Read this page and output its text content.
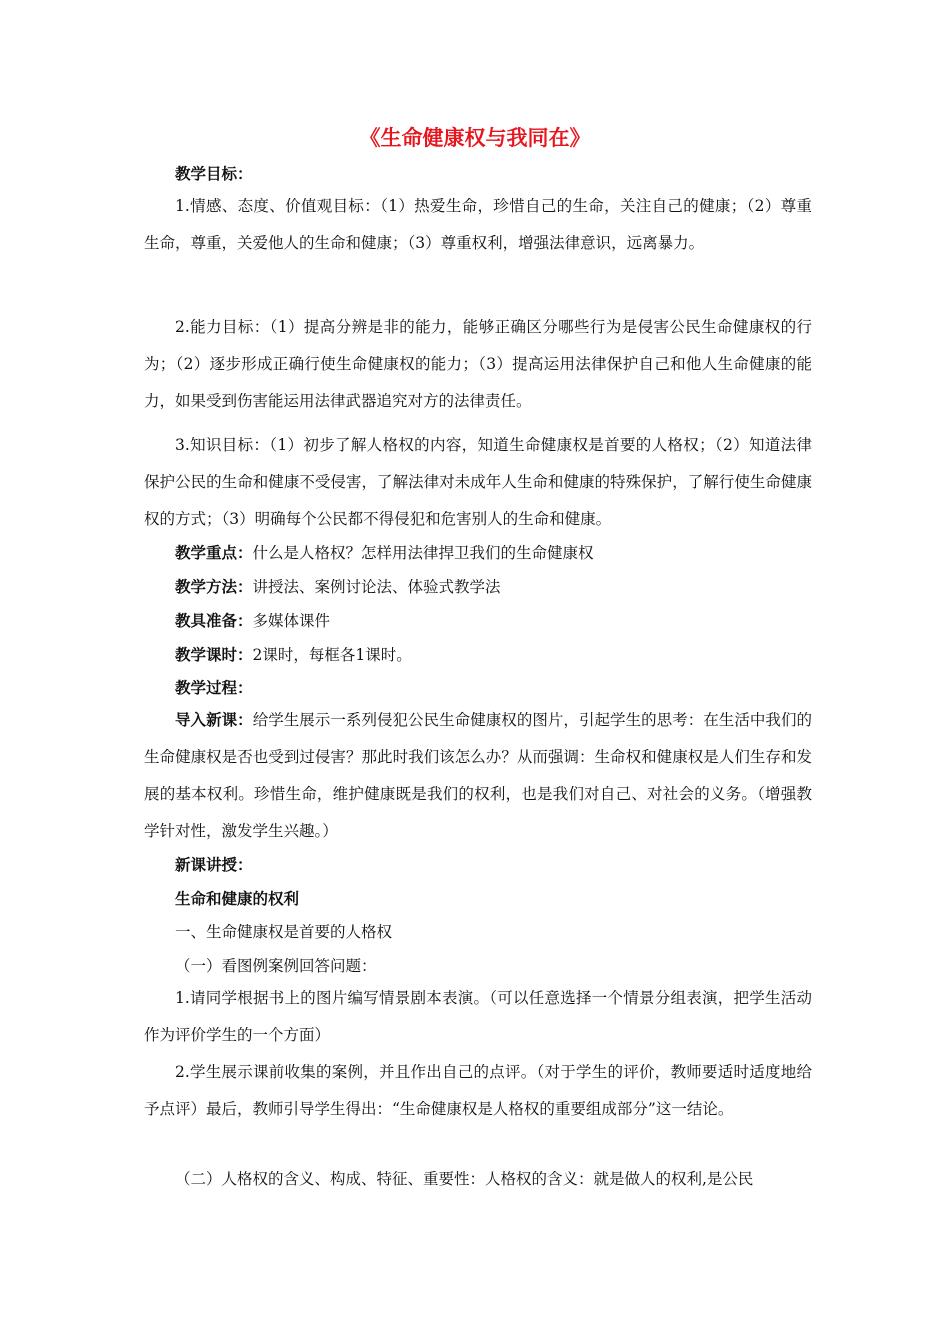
《生命健康权与我同在》
教学目标：
1.情感、态度、价值观目标：（1）热爱生命，珍惜自己的生命，关注自己的健康；（2）尊重生命，尊重，关爱他人的生命和健康；（3）尊重权利，增强法律意识，远离暴力。
2.能力目标：（1）提高分辨是非的能力，能够正确区分哪些行为是侵害公民生命健康权的行为；（2）逐步形成正确行使生命健康权的能力；（3）提高运用法律保护自己和他人生命健康的能力，如果受到伤害能运用法律武器追究对方的法律责任。
3.知识目标：（1）初步了解人格权的内容，知道生命健康权是首要的人格权；（2）知道法律保护公民的生命和健康不受侵害，了解法律对未成年人生命和健康的特殊保护，了解行使生命健康权的方式；（3）明确每个公民都不得侵犯和危害别人的生命和健康。
教学重点：什么是人格权？怎样用法律捍卫我们的生命健康权
教学方法：讲授法、案例讨论法、体验式教学法
教具准备：多媒体课件
教学课时：2课时，每框各1课时。
教学过程：
导入新课：给学生展示一系列侵犯公民生命健康权的图片，引起学生的思考：在生活中我们的生命健康权是否也受到过侵害？那此时我们该怎么办？从而强调：生命权和健康权是人们生存和发展的基本权利。珍惜生命，维护健康既是我们的权利，也是我们对自己、对社会的义务。（增强教学针对性，激发学生兴趣。）
新课讲授：
生命和健康的权利
一、生命健康权是首要的人格权
（一）看图例案例回答问题：
1.请同学根据书上的图片编写情景剧本表演。（可以任意选择一个情景分组表演，把学生活动作为评价学生的一个方面）
2.学生展示课前收集的案例，并且作出自己的点评。（对于学生的评价，教师要适时适度地给予点评）最后，教师引导学生得出：“生命健康权是人格权的重要组成部分”这一结论。
（二）人格权的含义、构成、特征、重要性：人格权的含义：就是做人的权利,是公民
